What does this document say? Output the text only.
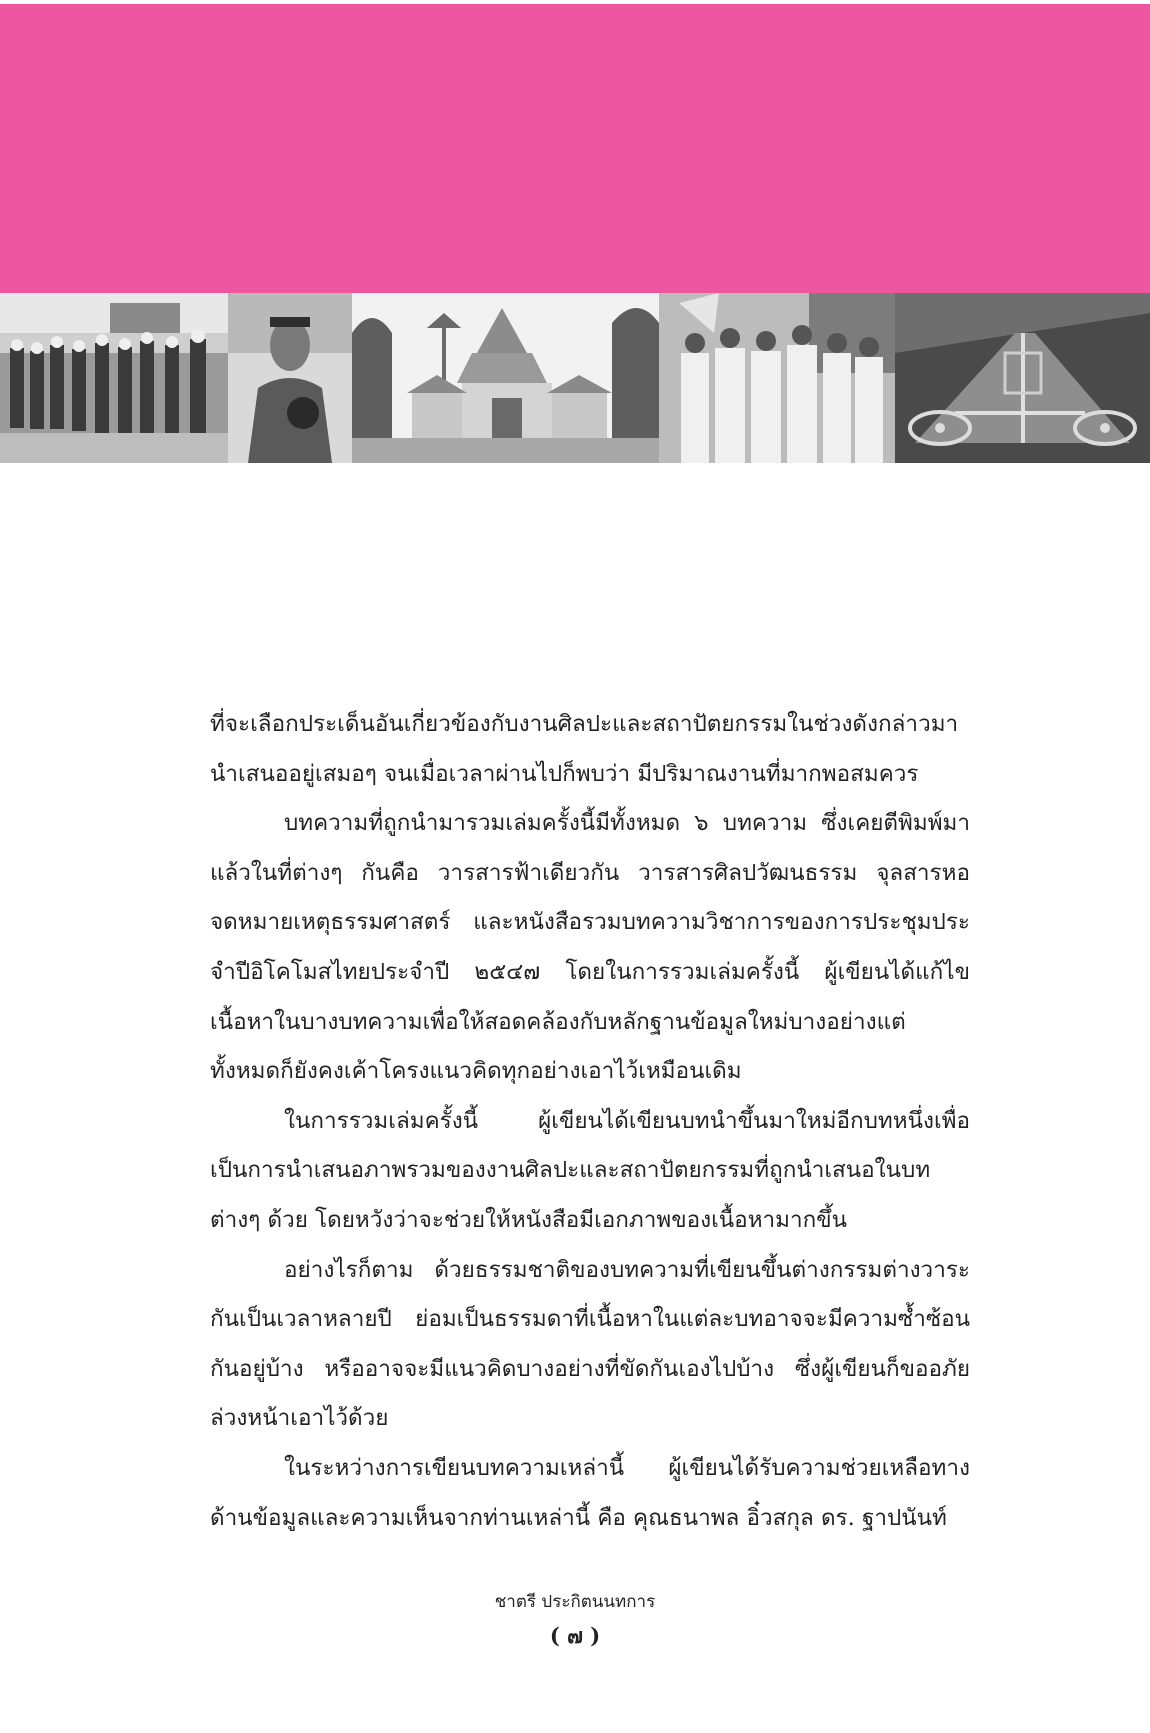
ที่จะเลือกประเด็นอันเกี่ยวข้องกับงานศิลปะและสถาปัตยกรรมในช่วงดังกล่าวมานำเสนออยู่เสมอๆ จนเมื่อเวลาผ่านไปก็พบว่า มีปริมาณงานที่มากพอสมควร

บทความที่ถูกนำมารวมเล่มครั้งนี้มีทั้งหมด ๖ บทความ ซึ่งเคยตีพิมพ์มาแล้วในที่ต่างๆ กันคือ วารสารฟ้าเดียวกัน วารสารศิลปวัฒนธรรม จุลสารหอจดหมายเหตุธรรมศาสตร์ และหนังสือรวมบทความวิชาการของการประชุมประจำปีอิโคโมสไทยประจำปี ๒๕๔๗ โดยในการรวมเล่มครั้งนี้ ผู้เขียนได้แก้ไขเนื้อหาในบางบทความเพื่อให้สอดคล้องกับหลักฐานข้อมูลใหม่บางอย่างแต่ทั้งหมดก็ยังคงเค้าโครงแนวคิดทุกอย่างเอาไว้เหมือนเดิม

ในการรวมเล่มครั้งนี้ ผู้เขียนได้เขียนบทนำขึ้นมาใหม่อีกบทหนึ่งเพื่อเป็นการนำเสนอภาพรวมของงานศิลปะและสถาปัตยกรรมที่ถูกนำเสนอในบทต่างๆ ด้วย โดยหวังว่าจะช่วยให้หนังสือมีเอกภาพของเนื้อหามากขึ้น

อย่างไรก็ตาม ด้วยธรรมชาติของบทความที่เขียนขึ้นต่างกรรมต่างวาระกันเป็นเวลาหลายปี ย่อมเป็นธรรมดาที่เนื้อหาในแต่ละบทอาจจะมีความซ้ำซ้อนกันอยู่บ้าง หรืออาจจะมีแนวคิดบางอย่างที่ขัดกันเองไปบ้าง ซึ่งผู้เขียนก็ขออภัยล่วงหน้าเอาไว้ด้วย

ในระหว่างการเขียนบทความเหล่านี้ ผู้เขียนได้รับความช่วยเหลือทางด้านข้อมูลและความเห็นจากท่านเหล่านี้ คือ คุณธนาพล อิ๋วสกุล ดร. ฐาปนันท์

ชาตรี ประกิตนนทการ
( ๗ )
